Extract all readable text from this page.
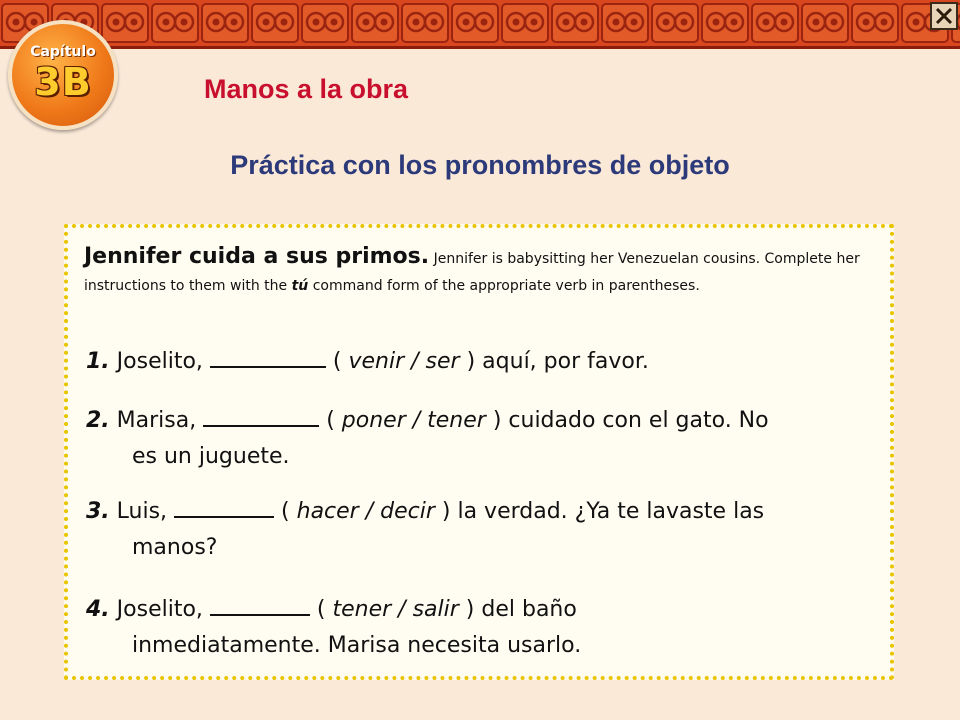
Capítulo
3B	Manos a la obra
Práctica con los pronombres de objeto
Jennifer cuida a sus primos. Jennifer is babysitting her Venezuelan cousins. Complete her instructions to them with the tú command form of the appropriate verb in parentheses.
1. Joselito,	( venir / ser ) aquí, por favor.
2. Marisa,	( poner / tener ) cuidado con el gato. No
es un juguete.
3. Luis,	( hacer / decir ) la verdad. ¿Ya te lavaste las
manos?
4. Joselito,	( tener / salir ) del baño
inmediatamente. Marisa necesita usarlo.
